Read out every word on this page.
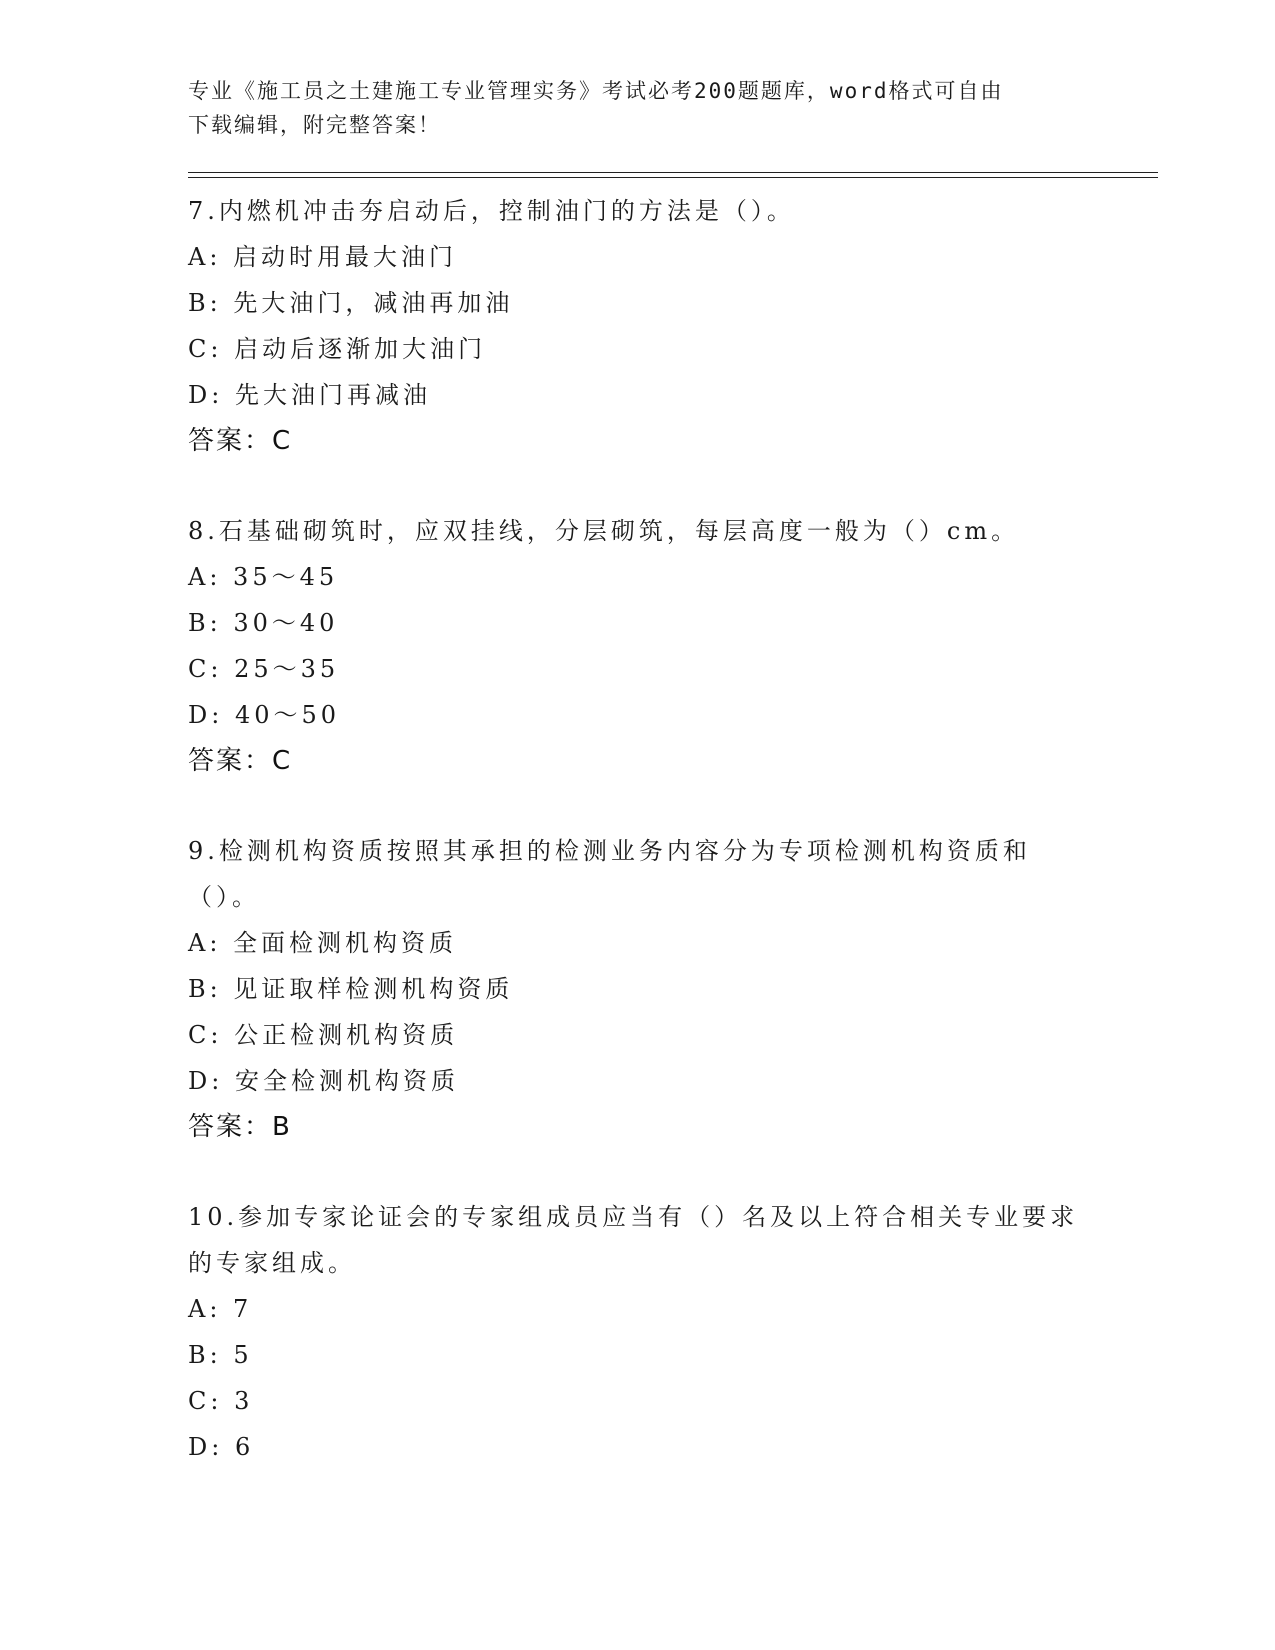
专业《施工员之土建施工专业管理实务》考试必考200题题库，word格式可自由
下载编辑，附完整答案！

7.内燃机冲击夯启动后，控制油门的方法是（）。

A: 启动时用最大油门

B: 先大油门，减油再加油

C: 启动后逐渐加大油门

D: 先大油门再减油

答案：C

8.石基础砌筑时，应双挂线，分层砌筑，每层高度一般为（）cm。

A: 35～45

B: 30～40

C: 25～35

D: 40～50

答案：C

9.检测机构资质按照其承担的检测业务内容分为专项检测机构资质和（）。

A: 全面检测机构资质

B: 见证取样检测机构资质

C: 公正检测机构资质

D: 安全检测机构资质

答案：B

10.参加专家论证会的专家组成员应当有（）名及以上符合相关专业要求的专家组成。

A: 7

B: 5

C: 3

D: 6
